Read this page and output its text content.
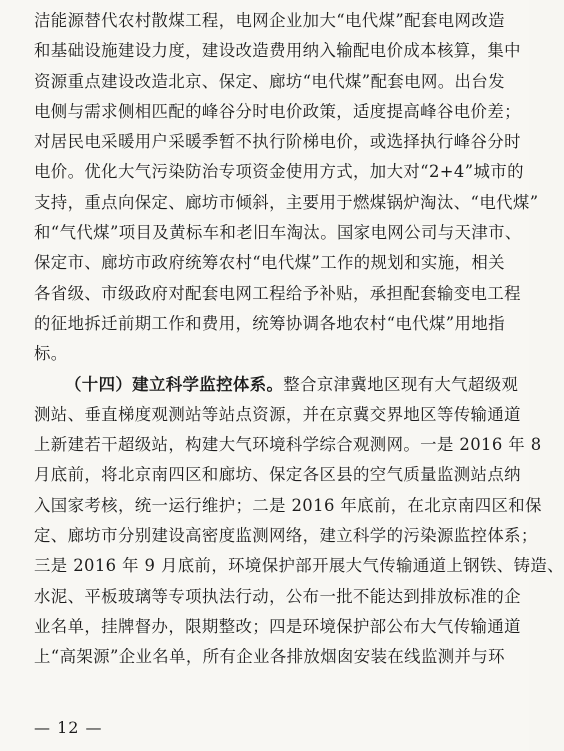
洁能源替代农村散煤工程，电网企业加大“电代煤”配套电网改造
和基础设施建设力度，建设改造费用纳入输配电价成本核算，集中
资源重点建设改造北京、保定、廊坊“电代煤”配套电网。出台发
电侧与需求侧相匹配的峰谷分时电价政策，适度提高峰谷电价差；
对居民电采暖用户采暖季暂不执行阶梯电价，或选择执行峰谷分时
电价。优化大气污染防治专项资金使用方式，加大对“2+4”城市的
支持，重点向保定、廊坊市倾斜，主要用于燃煤锅炉淘汰、“电代煤”
和“气代煤”项目及黄标车和老旧车淘汰。国家电网公司与天津市、
保定市、廊坊市政府统筹农村“电代煤”工作的规划和实施，相关
各省级、市级政府对配套电网工程给予补贴，承担配套输变电工程
的征地拆迁前期工作和费用，统筹协调各地农村“电代煤”用地指
标。
（十四）建立科学监控体系。整合京津冀地区现有大气超级观
测站、垂直梯度观测站等站点资源，并在京冀交界地区等传输通道
上新建若干超级站，构建大气环境科学综合观测网。一是 2016 年 8
月底前，将北京南四区和廊坊、保定各区县的空气质量监测站点纳
入国家考核，统一运行维护；二是 2016 年底前，在北京南四区和保
定、廊坊市分别建设高密度监测网络，建立科学的污染源监控体系；
三是 2016 年 9 月底前，环境保护部开展大气传输通道上钢铁、铸造、
水泥、平板玻璃等专项执法行动，公布一批不能达到排放标准的企
业名单，挂牌督办，限期整改；四是环境保护部公布大气传输通道
上“高架源”企业名单，所有企业各排放烟囱安装在线监测并与环
— 12 —
